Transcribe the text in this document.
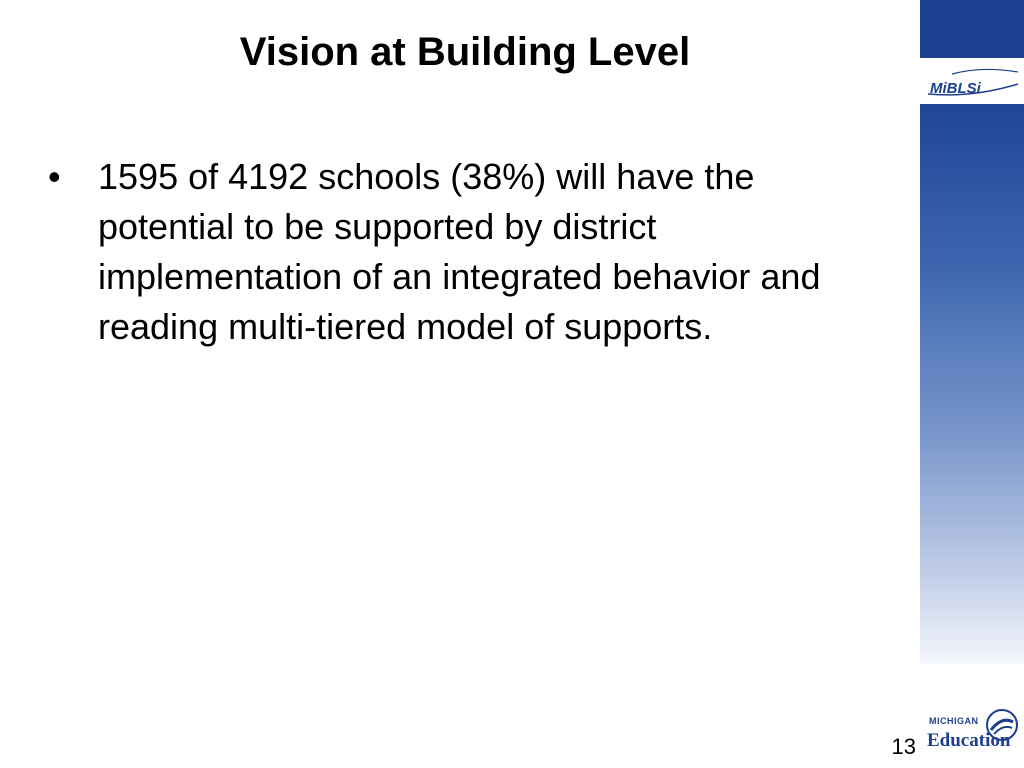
Vision at Building Level
• 1595 of 4192 schools (38%) will have the potential to be supported by district implementation of an integrated behavior and reading multi-tiered model of supports.
MiBLSi
MICHIGAN
Education
13
